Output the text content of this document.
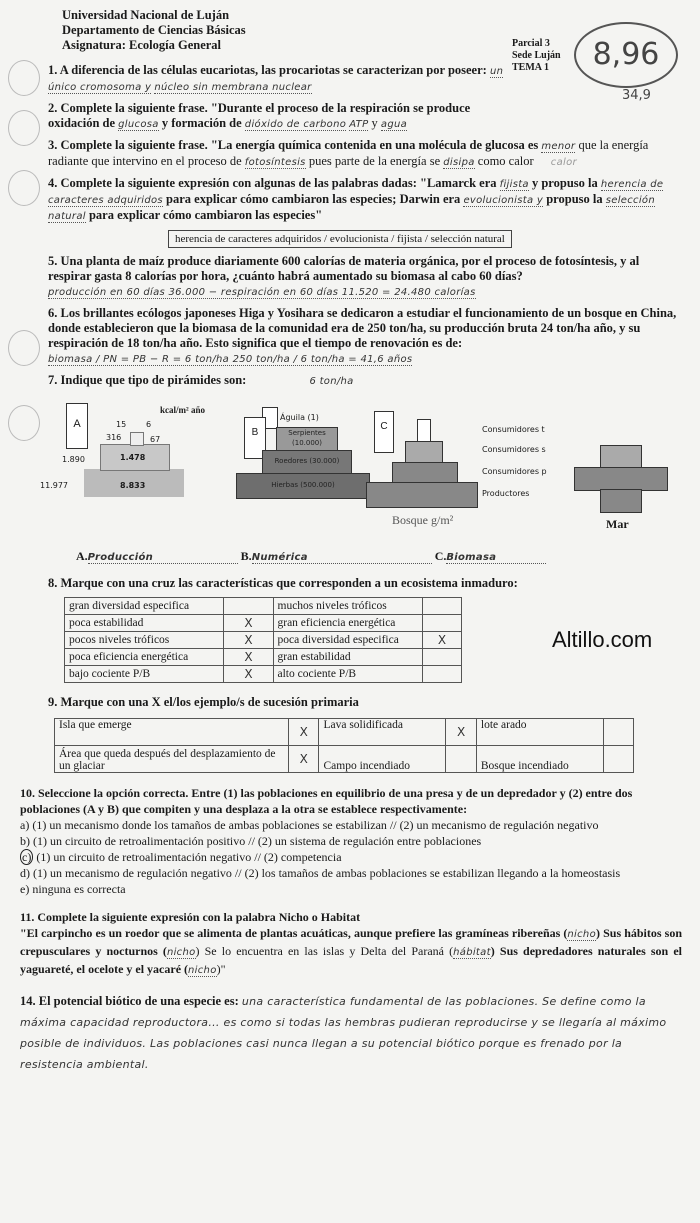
Parcial 3
Sede Luján
TEMA 1	8,96
34,9
Universidad Nacional de Luján
Departamento de Ciencias Básicas
Asignatura: Ecología General
1. A diferencia de las células eucariotas, las procariotas se caracterizan por poseer: un único cromosoma y núcleo sin membrana nuclear
2. Complete la siguiente frase. "Durante el proceso de la respiración se produce oxidación de glucosa y formación de dióxido de carbono ATP y agua
3. Complete la siguiente frase. "La energía química contenida en una molécula de glucosa es menor que la energía radiante que intervino en el proceso de fotosíntesis pues parte de la energía se disipa como calor calor
4. Complete la siguiente expresión con algunas de las palabras dadas: "Lamarck era fijista y propuso la herencia de caracteres adquiridos para explicar cómo cambiaron las especies; Darwin era evolucionista y propuso la selección natural para explicar cómo cambiaron las especies"
herencia de caracteres adquiridos / evolucionista / fijista / selección natural
5. Una planta de maíz produce diariamente 600 calorías de materia orgánica, por el proceso de fotosíntesis, y al respirar gasta 8 calorías por hora, ¿cuánto habrá aumentado su biomasa al cabo 60 días?
producción en 60 días 36.000 − respiración en 60 días 11.520 = 24.480 calorías
6. Los brillantes ecólogos japoneses Higa y Yosihara se dedicaron a estudiar el funcionamiento de un bosque en China, donde establecieron que la biomasa de la comunidad era de 250 ton/ha, su producción bruta 24 ton/ha año, y su respiración de 18 ton/ha año. Esto significa que el tiempo de renovación es de:
biomasa / PN = PB − R = 6 ton/ha 250 ton/ha / 6 ton/ha = 41,6 años
7. Indique que tipo de pirámides son:	6 ton/ha
A
kcal/m² año
15 6
316	67
1.890	1.478
11.977	8.833
B
Águila (1)
Serpientes (10.000)
Roedores (30.000)
Hierbas (500.000)
C	Consumidores t
Consumidores s
Consumidores p
Productores
Bosque g/m²	Mar
A.Producción	B.Numérica	C.Biomasa
8. Marque con una cruz las características que corresponden a un ecosistema inmaduro:
gran diversidad especifica		muchos niveles tróficos	
poca estabilidad	X	gran eficiencia energética	
pocos niveles tróficos	X	poca diversidad especifica	X
poca eficiencia energética	X	gran estabilidad	
bajo cociente P/B	X	alto cociente P/B	
Altillo.com
9. Marque con una X el/los ejemplo/s de sucesión primaria
Isla que emerge	X	Lava solidificada	X	lote arado	
Área que queda después del desplazamiento de un glaciar	X	Campo incendiado		Bosque incendiado	
10. Seleccione la opción correcta. Entre (1) las poblaciones en equilibrio de una presa y de un depredador y (2) entre dos poblaciones (A y B) que compiten y una desplaza a la otra se establece respectivamente:
a) (1) un mecanismo donde los tamaños de ambas poblaciones se estabilizan // (2) un mecanismo de regulación negativo
b) (1) un circuito de retroalimentación positivo // (2) un sistema de regulación entre poblaciones
c) (1) un circuito de retroalimentación negativo // (2) competencia
d) (1) un mecanismo de regulación negativo // (2) los tamaños de ambas poblaciones se estabilizan llegando a la homeostasis
e) ninguna es correcta
11. Complete la siguiente expresión con la palabra Nicho o Habitat
"El carpincho es un roedor que se alimenta de plantas acuáticas, aunque prefiere las gramíneas ribereñas (nicho) Sus hábitos son crepusculares y nocturnos (nicho) Se lo encuentra en las islas y Delta del Paraná (hábitat) Sus depredadores naturales son el yaguareté, el ocelote y el yacaré (nicho)"
14. El potencial biótico de una especie es: una característica fundamental de las poblaciones. Se define como la máxima capacidad reproductora... es como si todas las hembras pudieran reproducirse y se llegaría al máximo posible de individuos. Las poblaciones casi nunca llegan a su potencial biótico porque es frenado por la resistencia ambiental.
